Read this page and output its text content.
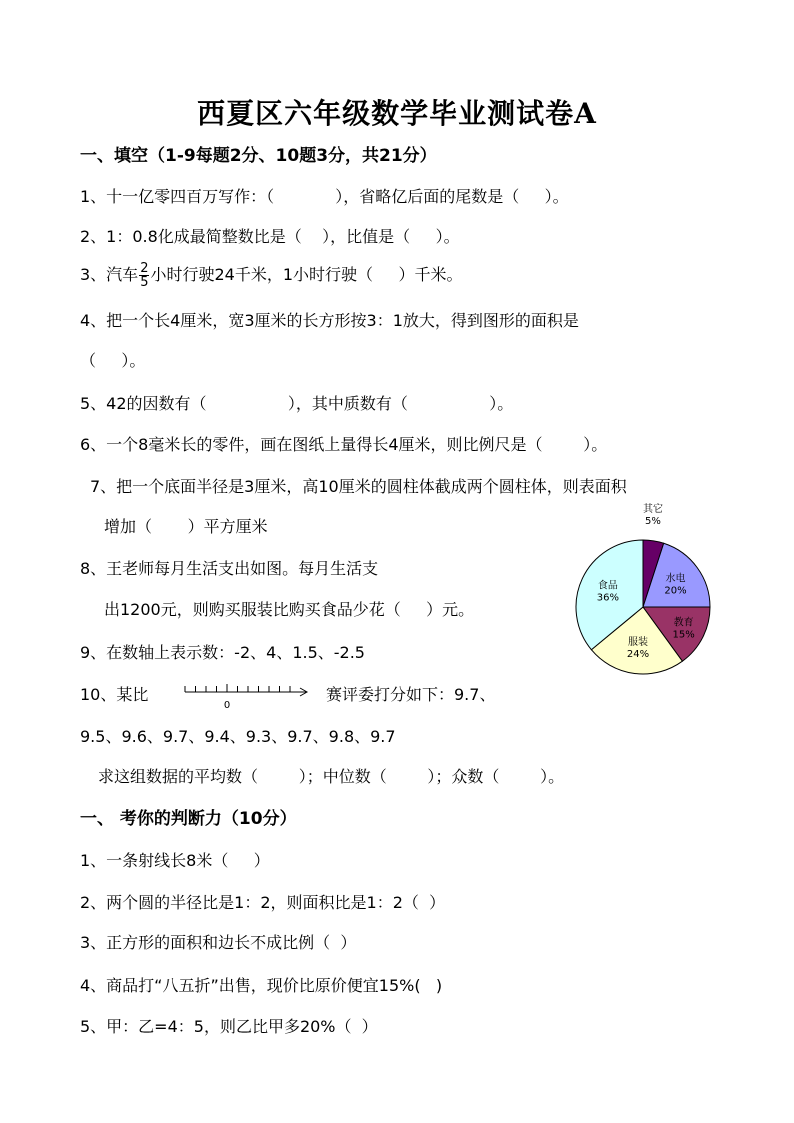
西夏区六年级数学毕业测试卷A
一、填空（1-9每题2分、10题3分，共21分）
1、十一亿零四百万写作：（            ），省略亿后面的尾数是（     ）。
2、1：0.8化成最简整数比是（    ），比值是（     ）。
3、汽车 $\frac{2}{5}$ 小时行驶24千米，1小时行驶（     ）千米。
4、把一个长4厘米，宽3厘米的长方形按3：1放大，得到图形的面积是
（     ）。
5、42的因数有（                ），其中质数有（                ）。
6、一个8毫米长的零件，画在图纸上量得长4厘米，则比例尺是（        ）。
7、把一个底面半径是3厘米，高10厘米的圆柱体截成两个圆柱体，则表面积
增加（       ）平方厘米
8、王老师每月生活支出如图。每月生活支
出1200元，则购买服装比购买食品少花（     ）元。
9、在数轴上表示数：-2、4、1.5、-2.5
10、某比	赛评委打分如下：9.7、
0
9.5、9.6、9.7、9.4、9.3、9.7、9.8、9.7
求这组数据的平均数（        ）；中位数（        ）；众数（        ）。
一、 考你的判断力（10分）
1、一条射线长8米（     ）
2、两个圆的半径比是1：2，则面积比是1：2（  ）
3、正方形的面积和边长不成比例（  ）
4、商品打“八五折”出售，现价比原价便宜15%(   )
5、甲：乙=4：5，则乙比甲多20%（  ）
其它 5%
水电 20%
教育 15%
服装 24%
食品 36%
